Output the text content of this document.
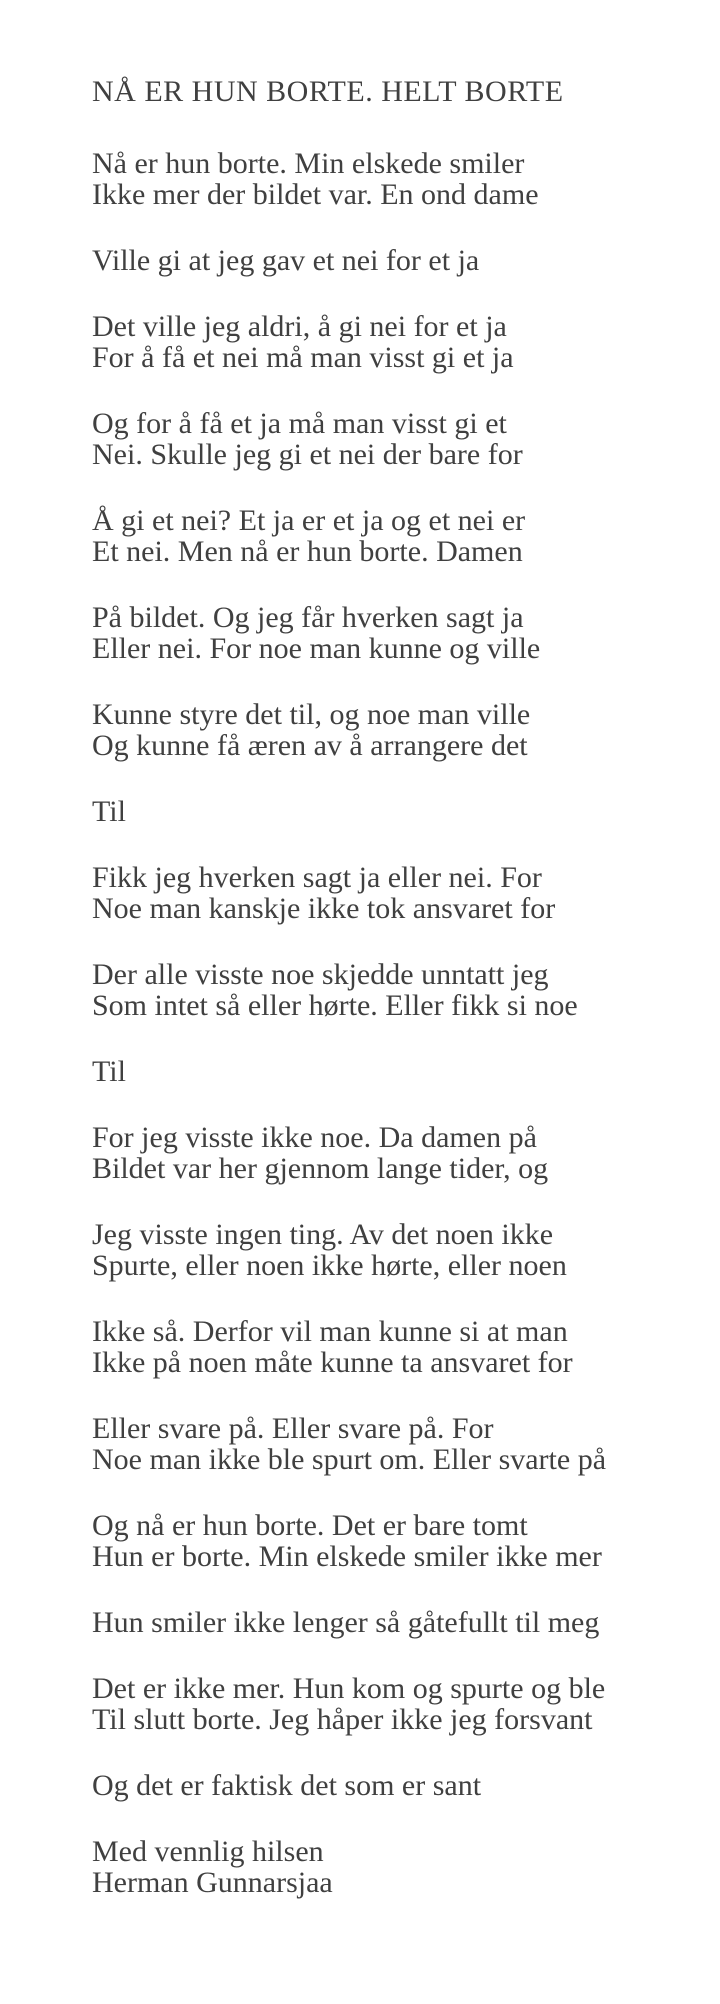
NÅ ER HUN BORTE. HELT BORTE
Nå er hun borte. Min elskede smiler
Ikke mer der bildet var. En ond dame
Ville gi at jeg gav et nei for et ja
Det ville jeg aldri, å gi nei for et ja
For å få et nei må man visst gi et ja
Og for å få et ja må man visst gi et
Nei. Skulle jeg gi et nei der bare for
Å gi et nei? Et ja er et ja og et nei er
Et nei. Men nå er hun borte. Damen
På bildet. Og jeg får hverken sagt ja
Eller nei. For noe man kunne og ville
Kunne styre det til, og noe man ville
Og kunne få æren av å arrangere det
Til
Fikk jeg hverken sagt ja eller nei. For
Noe man kanskje ikke tok ansvaret for
Der alle visste noe skjedde unntatt jeg
Som intet så eller hørte. Eller fikk si noe
Til
For jeg visste ikke noe. Da damen på
Bildet var her gjennom lange tider, og
Jeg visste ingen ting. Av det noen ikke
Spurte, eller noen ikke hørte, eller noen
Ikke så. Derfor vil man kunne si at man
Ikke på noen måte kunne ta ansvaret for
Eller svare på. Eller svare på. For
Noe man ikke ble spurt om. Eller svarte på
Og nå er hun borte. Det er bare tomt
Hun er borte. Min elskede smiler ikke mer
Hun smiler ikke lenger så gåtefullt til meg
Det er ikke mer. Hun kom og spurte og ble
Til slutt borte. Jeg håper ikke jeg forsvant
Og det er faktisk det som er sant
Med vennlig hilsen
Herman Gunnarsjaa
